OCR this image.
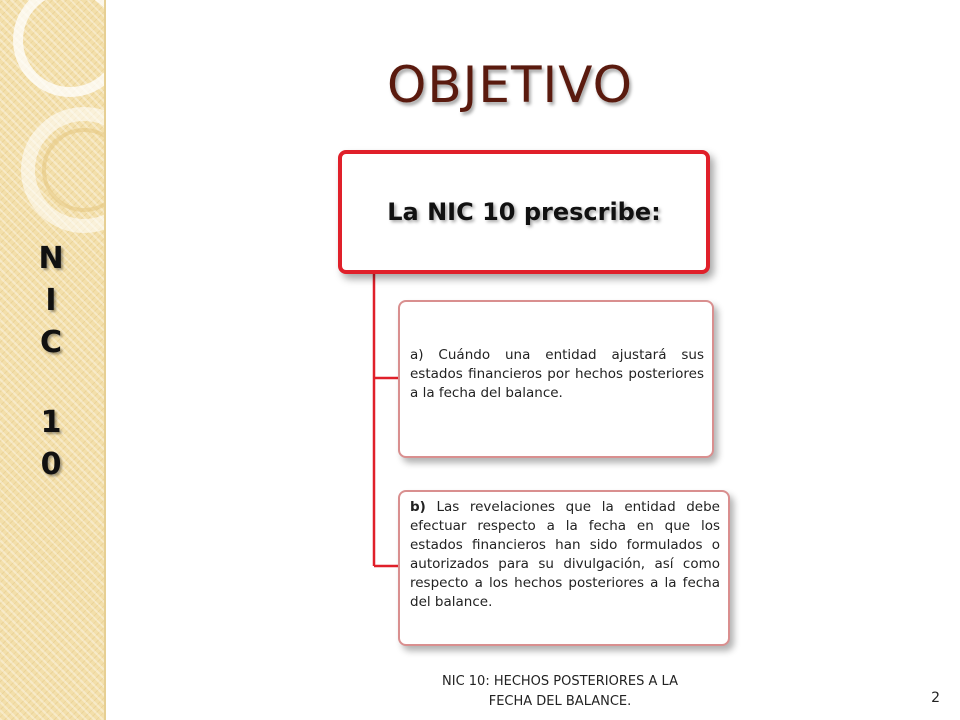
N
I
C
1
0
OBJETIVO
La NIC 10 prescribe:
a) Cuándo una entidad ajustará sus estados financieros por hechos posteriores a la fecha del balance.
b) Las revelaciones que la entidad debe efectuar respecto a la fecha en que los estados financieros han sido formulados o autorizados para su divulgación, así como respecto a los hechos posteriores a la fecha del balance.
NIC 10: HECHOS POSTERIORES A LA
FECHA DEL BALANCE.	2
